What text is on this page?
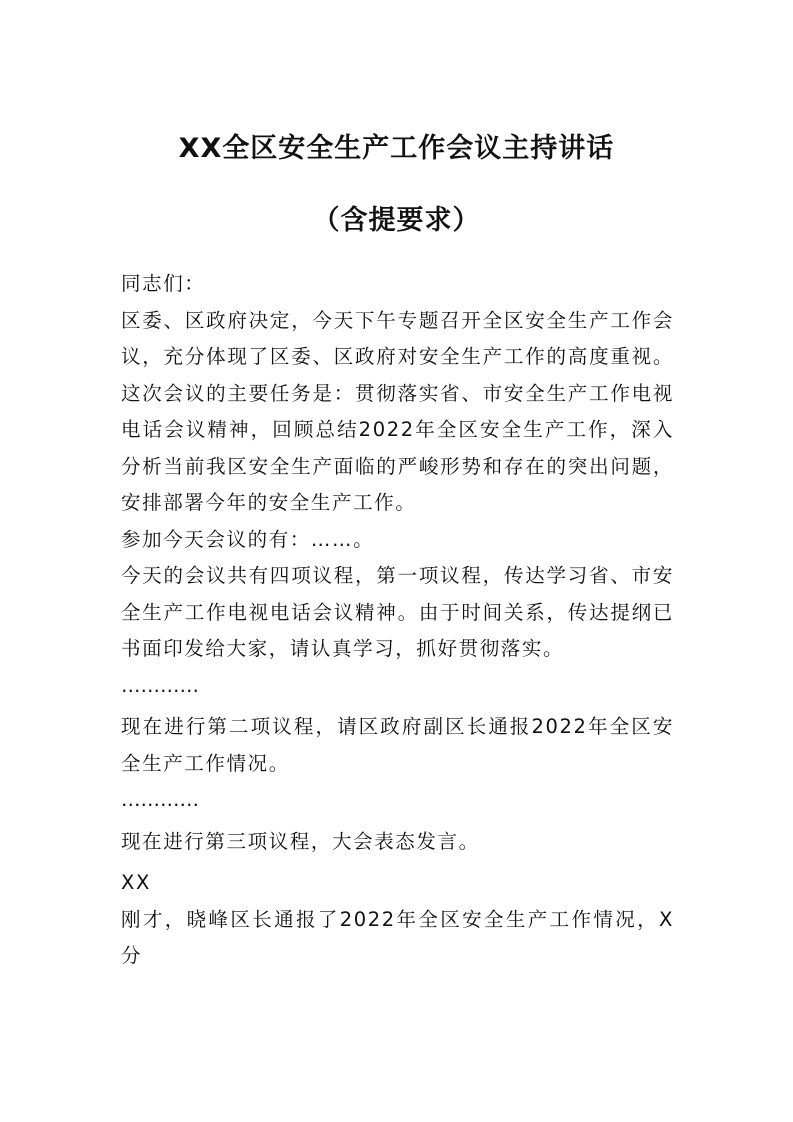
XX全区安全生产工作会议主持讲话
（含提要求）

同志们：

区委、区政府决定，今天下午专题召开全区安全生产工作会议，充分体现了区委、区政府对安全生产工作的高度重视。这次会议的主要任务是：贯彻落实省、市安全生产工作电视电话会议精神，回顾总结2022年全区安全生产工作，深入分析当前我区安全生产面临的严峻形势和存在的突出问题，安排部署今年的安全生产工作。

参加今天会议的有：……。

今天的会议共有四项议程，第一项议程，传达学习省、市安全生产工作电视电话会议精神。由于时间关系，传达提纲已书面印发给大家，请认真学习，抓好贯彻落实。

…………

现在进行第二项议程，请区政府副区长通报2022年全区安全生产工作情况。

…………

现在进行第三项议程，大会表态发言。

XX

刚才，晓峰区长通报了2022年全区安全生产工作情况，X分
